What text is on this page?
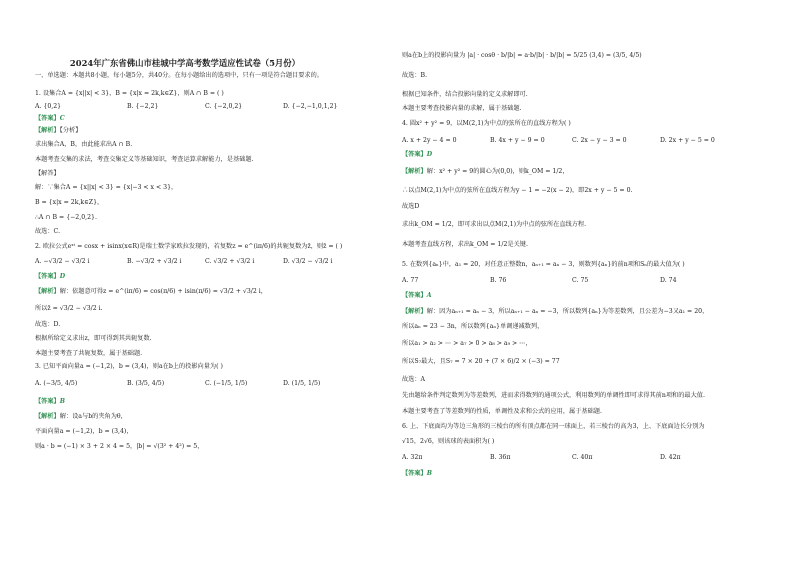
2024年广东省佛山市桂城中学高考数学适应性试卷（5月份）
一、单选题：本题共8小题，每小题5分，共40分。在每小题给出的选项中，只有一项是符合题目要求的。
1. 设集合A = {x||x| < 3}，B = {x|x = 2k,k∈Z}，则A ∩ B = ( )
A. {0,2}	B. {−2,2}	C. {−2,0,2}	D. {−2,−1,0,1,2}
【答案】C
【解析】【分析】
求出集合A，B，由此能求出A ∩ B.
本题考查交集的求法，考查交集定义等基础知识，考查运算求解能力，是基础题.
【解答】
解：∵集合A = {x||x| < 3} = {x|−3 < x < 3}，
B = {x|x = 2k,k∈Z}，
∴A ∩ B = {−2,0,2}.
故选：C.
2. 欧拉公式eˣⁱ = cosx + isinx(x∈R)是瑞士数学家欧拉发现的，若复数z = e^(iπ/6)的共轭复数为z̄，则z̄ = ( )
A. −√3/2 − √3/2 i	B. −√3/2 + √3/2 i	C. √3/2 + √3/2 i	D. √3/2 − √3/2 i
【答案】D
【解析】解：依题意可得z = e^(iπ/6) = cos(π/6) + isin(π/6) = √3/2 + √3/2 i，
所以z̄ = √3/2 − √3/2 i.
故选：D.
根据所给定义求出z，即可得到其共轭复数.
本题主要考查了共轭复数，属于基础题.
3. 已知平面向量a = (−1,2)，b = (3,4)，则a在b上的投影向量为( )
A. (−3/5, 4/5)	B. (3/5, 4/5)	C. (−1/5, 1/5)	D. (1/5, 1/5)
【答案】B
【解析】解：设a与b的夹角为θ，
平面向量a = (−1,2)，b = (3,4)，
则a · b = (−1) × 3 + 2 × 4 = 5，|b| = √(3² + 4²) = 5，
则a在b上的投影向量为 |a| · cosθ · b/|b| = a·b/|b| · b/|b| = 5/25 (3,4) = (3/5, 4/5)
故选：B.
根据已知条件，结合投影向量的定义求解即可.
本题主要考查投影向量的求解，属于基础题.
4. 圆x² + y² = 9，以M(2,1)为中点的弦所在的直线方程为( )
A. x + 2y − 4 = 0	B. 4x + y − 9 = 0	C. 2x − y − 3 = 0	D. 2x + y − 5 = 0
【答案】D
【解析】解：x² + y² = 9的圆心为(0,0)，则k_OM = 1/2，
∴以点M(2,1)为中点的弦所在直线方程为y − 1 = −2(x − 2)，即2x + y − 5 = 0.
故选D
求出k_OM = 1/2，即可求出以点M(2,1)为中点的弦所在直线方程.
本题考查直线方程，求出k_OM = 1/2是关键.
5. 在数列{aₙ}中，a₁ = 20，对任意正整数n，aₙ₊₁ = aₙ − 3，则数列{aₙ}的前n项和Sₙ的最大值为( )
A. 77	B. 76	C. 75	D. 74
【答案】A
【解析】解：因为aₙ₊₁ = aₙ − 3，所以aₙ₊₁ − aₙ = −3，所以数列{aₙ}为等差数列，且公差为−3又a₁ = 20，
所以aₙ = 23 − 3n，所以数列{aₙ}单调递减数列，
所以a₁ > a₂ > ⋯ > a₇ > 0 > a₈ > a₉ > ⋯，
所以S₇最大，且S₇ = 7 × 20 + (7 × 6)/2 × (−3) = 77
故选：A
先由题给条件判定数列为等差数列，进而求得数列的通项公式，利用数列的单调性即可求得其前n项和的最大值.
本题主要考查了等差数列的性质，单调性及求和公式的应用，属于基础题.
6. 上、下底面均为等边三角形的三棱台的所有顶点都在同一球面上，若三棱台的高为3，上、下底面边长分别为
√15，2√6，则该球的表面积为( )
A. 32π	B. 36π	C. 40π	D. 42π
【答案】B
